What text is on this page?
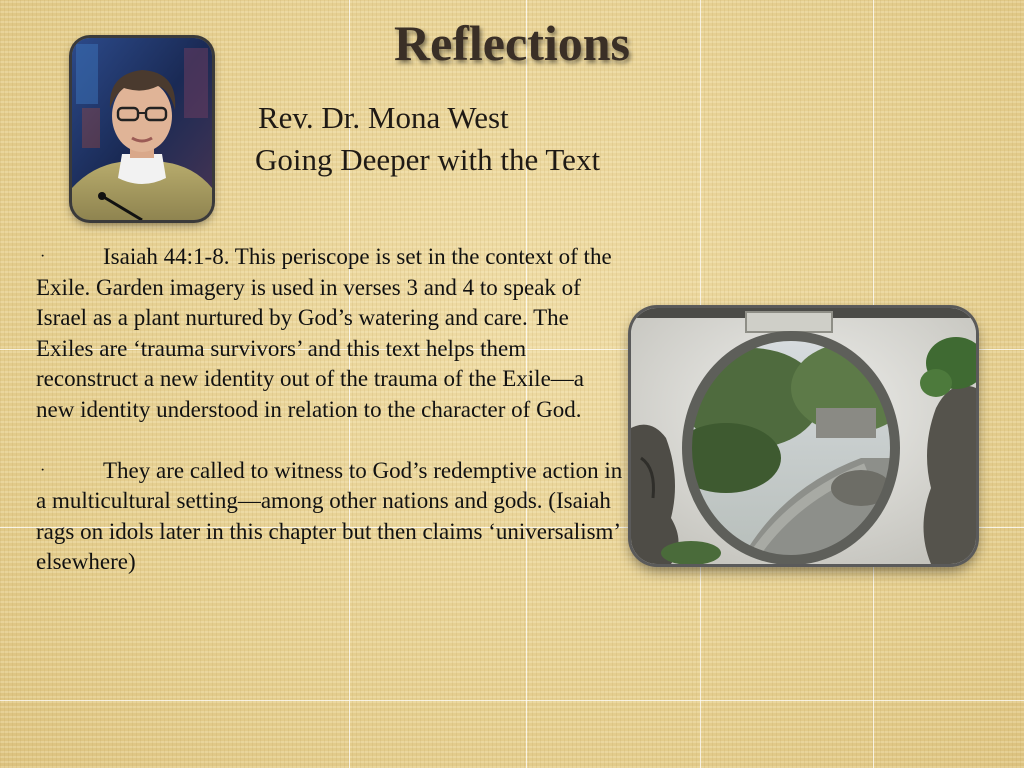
Reflections
Rev. Dr. Mona West
Going Deeper with the Text

·	Isaiah 44:1-8. This periscope is set in the context of the Exile. Garden imagery is used in verses 3 and 4 to speak of Israel as a plant nurtured by God’s watering and care. The Exiles are ‘trauma survivors’ and this text helps them reconstruct a new identity out of the trauma of the Exile—a new identity understood in relation to the character of God.

·	They are called to witness to God’s redemptive action in a multicultural setting—among other nations and gods. (Isaiah rags on idols later in this chapter but then claims ‘universalism’ elsewhere)
